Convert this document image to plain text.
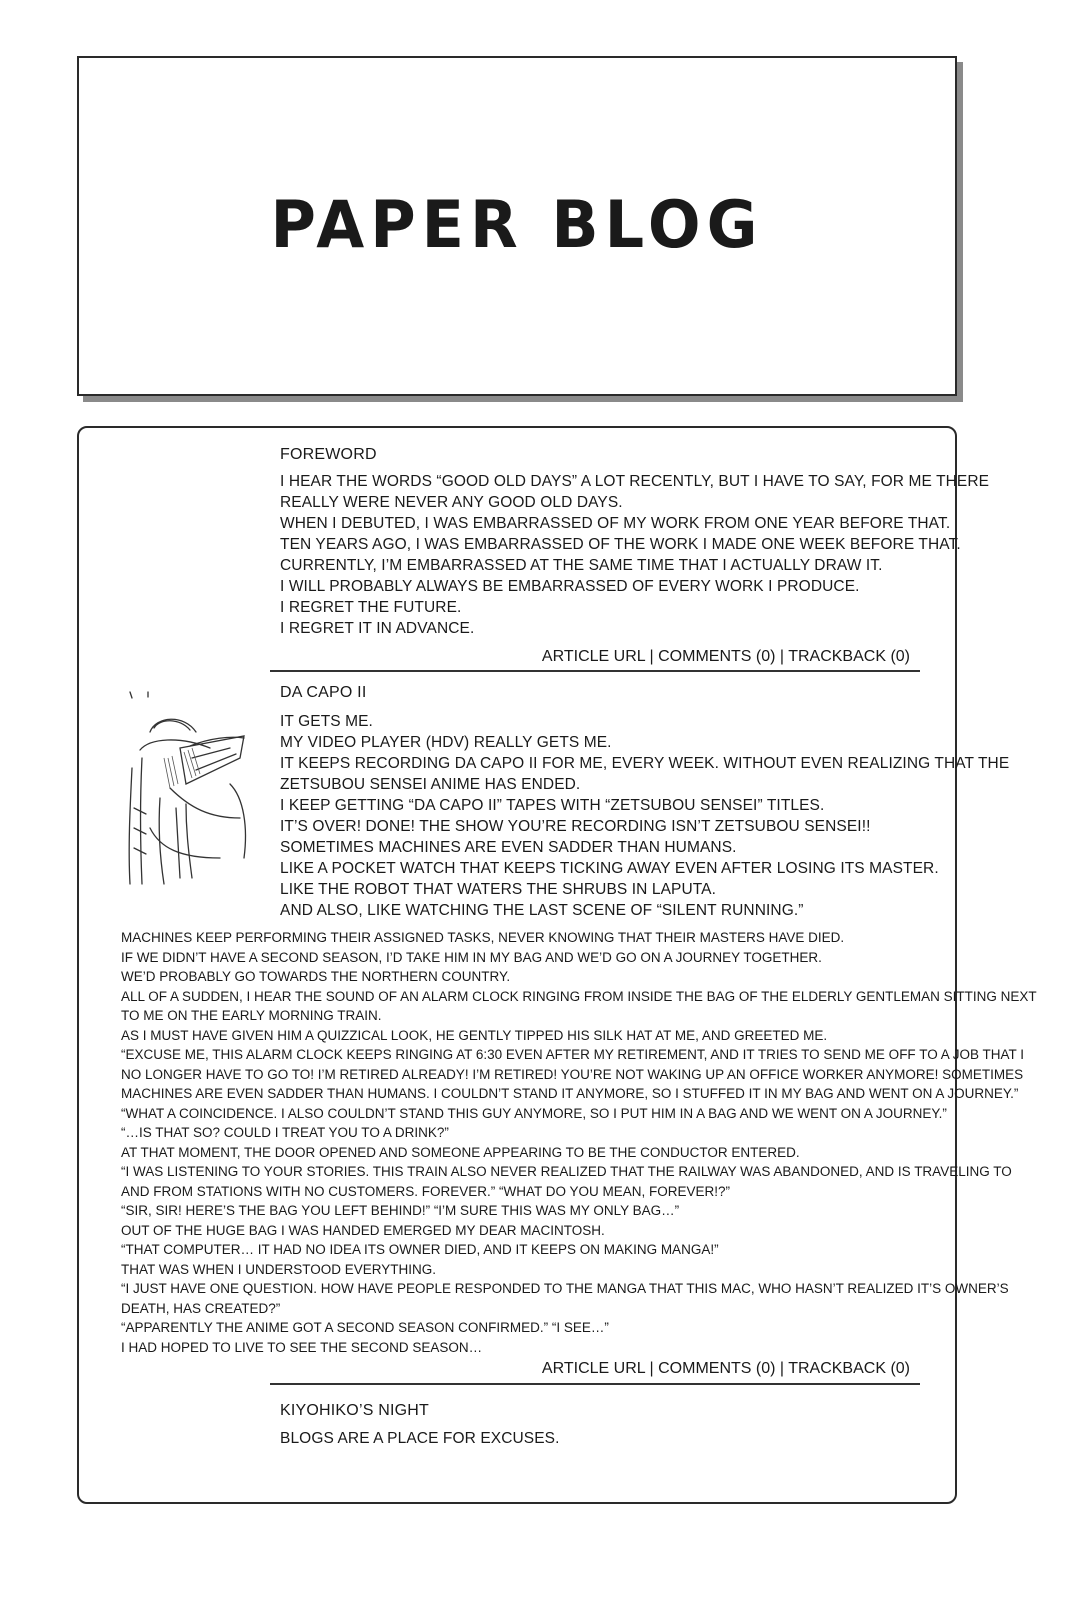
PAPER BLOG
FOREWORD
I HEAR THE WORDS “GOOD OLD DAYS” A LOT RECENTLY, BUT I HAVE TO SAY, FOR ME THERE
REALLY WERE NEVER ANY GOOD OLD DAYS.
WHEN I DEBUTED, I WAS EMBARRASSED OF MY WORK FROM ONE YEAR BEFORE THAT.
TEN YEARS AGO, I WAS EMBARRASSED OF THE WORK I MADE ONE WEEK BEFORE THAT.
CURRENTLY, I’M EMBARRASSED AT THE SAME TIME THAT I ACTUALLY DRAW IT.
I WILL PROBABLY ALWAYS BE EMBARRASSED OF EVERY WORK I PRODUCE.
I REGRET THE FUTURE.
I REGRET IT IN ADVANCE.
ARTICLE URL | COMMENTS (0) | TRACKBACK (0)
DA CAPO II
IT GETS ME.
MY VIDEO PLAYER (HDV) REALLY GETS ME.
IT KEEPS RECORDING DA CAPO II FOR ME, EVERY WEEK. WITHOUT EVEN REALIZING THAT THE
ZETSUBOU SENSEI ANIME HAS ENDED.
I KEEP GETTING “DA CAPO II” TAPES WITH “ZETSUBOU SENSEI” TITLES.
IT’S OVER! DONE! THE SHOW YOU’RE RECORDING ISN’T ZETSUBOU SENSEI!!
SOMETIMES MACHINES ARE EVEN SADDER THAN HUMANS.
LIKE A POCKET WATCH THAT KEEPS TICKING AWAY EVEN AFTER LOSING ITS MASTER.
LIKE THE ROBOT THAT WATERS THE SHRUBS IN LAPUTA.
AND ALSO, LIKE WATCHING THE LAST SCENE OF “SILENT RUNNING.”
MACHINES KEEP PERFORMING THEIR ASSIGNED TASKS, NEVER KNOWING THAT THEIR MASTERS HAVE DIED.
IF WE DIDN’T HAVE A SECOND SEASON, I’D TAKE HIM IN MY BAG AND WE’D GO ON A JOURNEY TOGETHER.
WE’D PROBABLY GO TOWARDS THE NORTHERN COUNTRY.
ALL OF A SUDDEN, I HEAR THE SOUND OF AN ALARM CLOCK RINGING FROM INSIDE THE BAG OF THE ELDERLY GENTLEMAN SITTING NEXT
TO ME ON THE EARLY MORNING TRAIN.
AS I MUST HAVE GIVEN HIM A QUIZZICAL LOOK, HE GENTLY TIPPED HIS SILK HAT AT ME, AND GREETED ME.
“EXCUSE ME, THIS ALARM CLOCK KEEPS RINGING AT 6:30 EVEN AFTER MY RETIREMENT, AND IT TRIES TO SEND ME OFF TO A JOB THAT I
NO LONGER HAVE TO GO TO! I’M RETIRED ALREADY! I’M RETIRED! YOU’RE NOT WAKING UP AN OFFICE WORKER ANYMORE! SOMETIMES
MACHINES ARE EVEN SADDER THAN HUMANS. I COULDN’T STAND IT ANYMORE, SO I STUFFED IT IN MY BAG AND WENT ON A JOURNEY.”
“WHAT A COINCIDENCE. I ALSO COULDN’T STAND THIS GUY ANYMORE, SO I PUT HIM IN A BAG AND WE WENT ON A JOURNEY.”
“…IS THAT SO? COULD I TREAT YOU TO A DRINK?”
AT THAT MOMENT, THE DOOR OPENED AND SOMEONE APPEARING TO BE THE CONDUCTOR ENTERED.
“I WAS LISTENING TO YOUR STORIES. THIS TRAIN ALSO NEVER REALIZED THAT THE RAILWAY WAS ABANDONED, AND IS TRAVELING TO
AND FROM STATIONS WITH NO CUSTOMERS. FOREVER.” “WHAT DO YOU MEAN, FOREVER!?”
“SIR, SIR! HERE’S THE BAG YOU LEFT BEHIND!” “I’M SURE THIS WAS MY ONLY BAG…”
OUT OF THE HUGE BAG I WAS HANDED EMERGED MY DEAR MACINTOSH.
“THAT COMPUTER… IT HAD NO IDEA ITS OWNER DIED, AND IT KEEPS ON MAKING MANGA!”
THAT WAS WHEN I UNDERSTOOD EVERYTHING.
“I JUST HAVE ONE QUESTION. HOW HAVE PEOPLE RESPONDED TO THE MANGA THAT THIS MAC, WHO HASN’T REALIZED IT’S OWNER’S
DEATH, HAS CREATED?”
“APPARENTLY THE ANIME GOT A SECOND SEASON CONFIRMED.” “I SEE…”
I HAD HOPED TO LIVE TO SEE THE SECOND SEASON…
ARTICLE URL | COMMENTS (0) | TRACKBACK (0)
KIYOHIKO’S NIGHT
BLOGS ARE A PLACE FOR EXCUSES.
